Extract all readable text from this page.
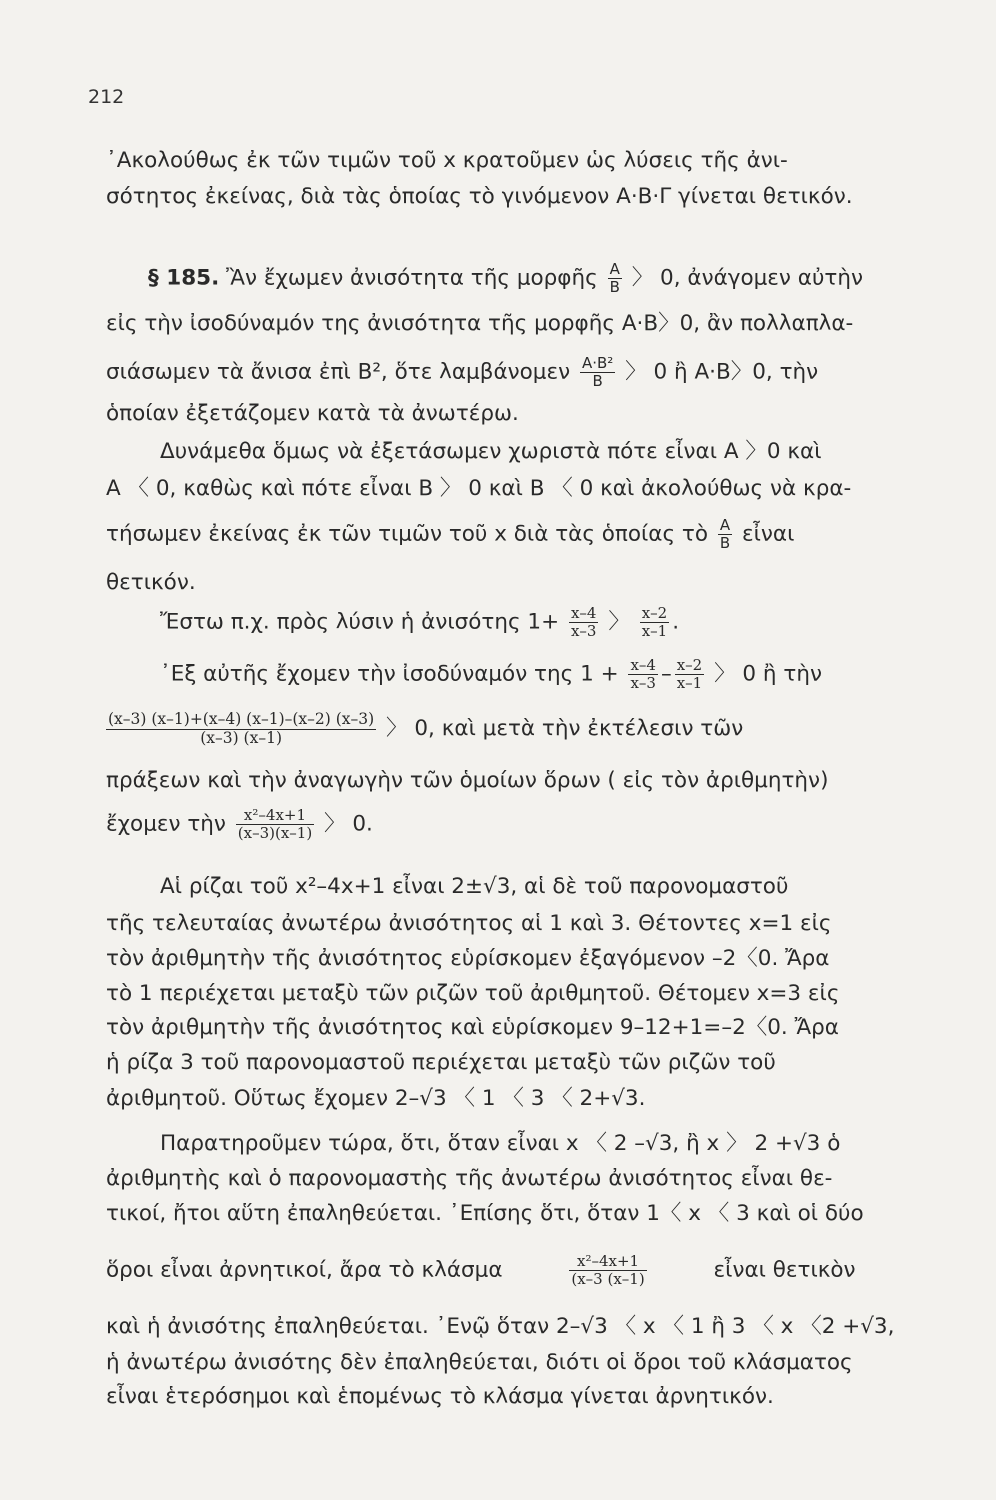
212
᾿Ακολούθως ἐκ τῶν τιμῶν τοῦ x κρατοῦμεν ὡς λύσεις τῆς ἀνι-
σότητος ἐκείνας, διὰ τὰς ὁποίας τὸ γινόμενον Α·Β·Γ γίνεται θετικόν.
§ 185. Ἂν ἔχωμεν ἀνισότητα τῆς μορφῆς $\frac{A}{B}$ 〉 0, ἀνάγομεν αὐτὴν
εἰς τὴν ἰσοδύναμόν της ἀνισότητα τῆς μορφῆς Α·Β〉0, ἂν πολλαπλα-
σιάσωμεν τὰ ἄνισα ἐπὶ Β², ὅτε λαμβάνομεν $\frac{\text{Α·Β²}}{B}$ 〉 0 ἢ Α·Β〉0, τὴν
ὁποίαν ἐξετάζομεν κατὰ τὰ ἀνωτέρω.
Δυνάμεθα ὅμως νὰ ἐξετάσωμεν χωριστὰ πότε εἶναι Α 〉0 καὶ
Α 〈 0, καθὼς καὶ πότε εἶναι Β 〉 0 καὶ Β 〈 0 καὶ ἀκολούθως νὰ κρα-
τήσωμεν ἐκείνας ἐκ τῶν τιμῶν τοῦ x διὰ τὰς ὁποίας τὸ $\frac{A}{B}$ εἶναι
θετικόν.
Ἔστω π.χ. πρὸς λύσιν ἡ ἀνισότης $1+ \frac{x-4}{x-3}$ 〉 $\frac{x-2}{x-1}$ .
᾿Εξ αὐτῆς ἔχομεν τὴν ἰσοδύναμόν της $1 + \frac{x-4}{x-3} - \frac{x-2}{x-1}$ 〉 0 ἢ τὴν
$\frac{(x-3) (x-1)+(x-4) (x-1)-(x-2) (x-3)}{(x-3) (x-1)}$ 〉 0, καὶ μετὰ τὴν ἐκτέλεσιν τῶν
πράξεων καὶ τὴν ἀναγωγὴν τῶν ὁμοίων ὅρων ( εἰς τὸν ἀριθμητὴν)
ἔχομεν τὴν $\frac{\text{x²–4x+1}}{(x-3)(x-1)}$ 〉 0.
Αἱ ρίζαι τοῦ x²–4x+1 εἶναι 2±√3, αἱ δὲ τοῦ παρονομαστοῦ
τῆς τελευταίας ἀνωτέρω ἀνισότητος αἱ 1 καὶ 3. Θέτοντες x=1 εἰς
τὸν ἀριθμητὴν τῆς ἀνισότητος εὑρίσκομεν ἐξαγόμενον –2〈0. Ἄρα
τὸ 1 περιέχεται μεταξὺ τῶν ριζῶν τοῦ ἀριθμητοῦ. Θέτομεν x=3 εἰς
τὸν ἀριθμητὴν τῆς ἀνισότητος καὶ εὑρίσκομεν 9–12+1=–2〈0. Ἄρα
ἡ ρίζα 3 τοῦ παρονομαστοῦ περιέχεται μεταξὺ τῶν ριζῶν τοῦ
ἀριθμητοῦ. Οὕτως ἔχομεν 2–√3 〈 1 〈 3 〈 2+√3.
Παρατηροῦμεν τώρα, ὅτι, ὅταν εἶναι x 〈 2 –√3, ἢ x 〉 2 +√3 ὁ
ἀριθμητὴς καὶ ὁ παρονομαστὴς τῆς ἀνωτέρω ἀνισότητος εἶναι θε-
τικοί, ἤτοι αὕτη ἐπαληθεύεται. ᾿Επίσης ὅτι, ὅταν 1〈 x 〈 3 καὶ οἱ δύο
ὅροι εἶναι ἀρνητικοί, ἄρα τὸ κλάσμα	$\frac{\text{x²–4x+1}}{(x-3 (x-1)}$	εἶναι θετικὸν
καὶ ἡ ἀνισότης ἐπαληθεύεται. ᾿Ενῷ ὅταν 2–√3 〈 x 〈 1 ἢ 3 〈 x 〈2 +√3,
ἡ ἀνωτέρω ἀνισότης δὲν ἐπαληθεύεται, διότι οἱ ὅροι τοῦ κλάσματος
εἶναι ἑτερόσημοι καὶ ἑπομένως τὸ κλάσμα γίνεται ἀρνητικόν.
